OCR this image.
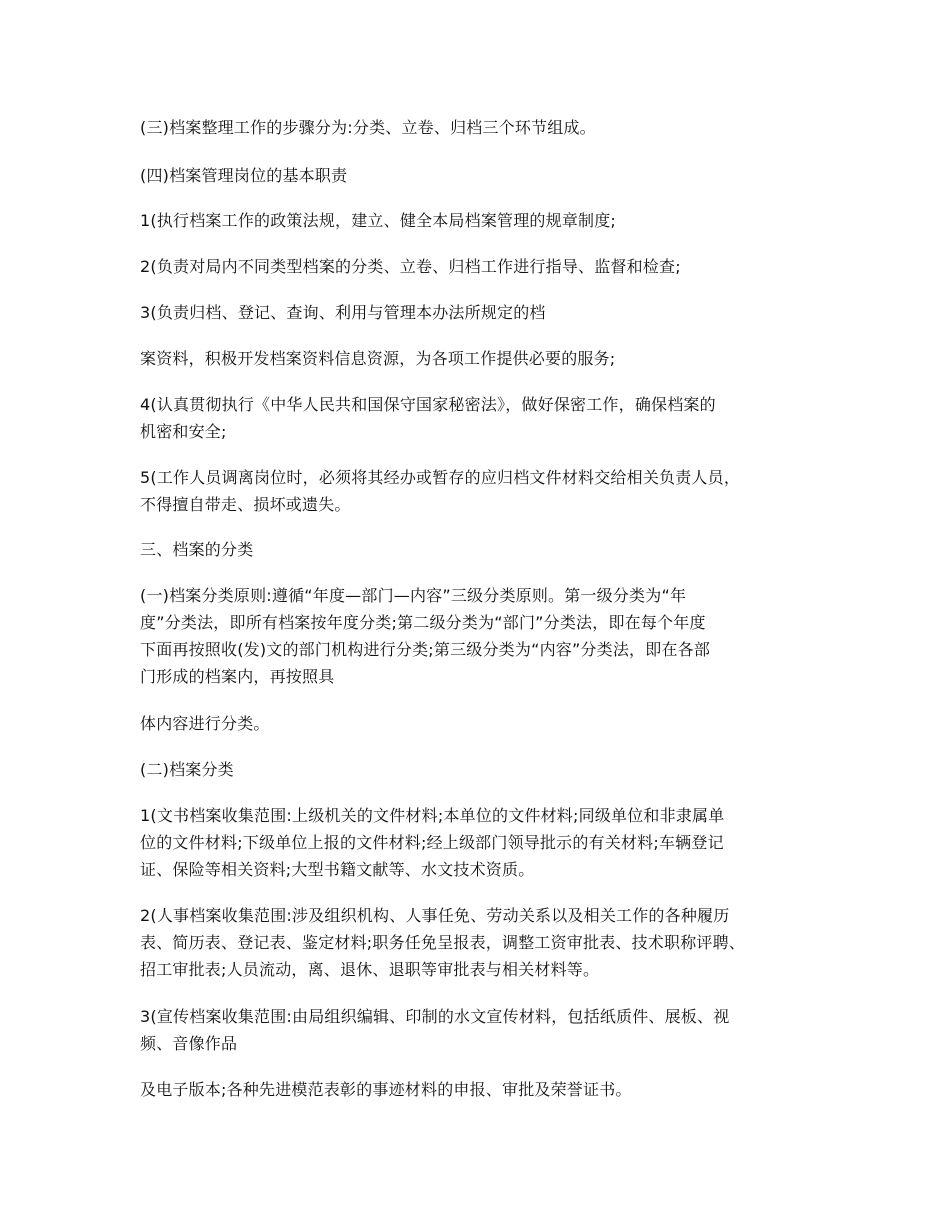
(三)档案整理工作的步骤分为:分类、立卷、归档三个环节组成。
(四)档案管理岗位的基本职责
1(执行档案工作的政策法规，建立、健全本局档案管理的规章制度;
2(负责对局内不同类型档案的分类、立卷、归档工作进行指导、监督和检查;
3(负责归档、登记、查询、利用与管理本办法所规定的档
案资料，积极开发档案资料信息资源，为各项工作提供必要的服务;
4(认真贯彻执行《中华人民共和国保守国家秘密法》，做好保密工作，确保档案的
机密和安全;
5(工作人员调离岗位时，必须将其经办或暂存的应归档文件材料交给相关负责人员，
不得擅自带走、损坏或遗失。
三、档案的分类
(一)档案分类原则:遵循“年度—部门—内容”三级分类原则。第一级分类为“年
度”分类法，即所有档案按年度分类;第二级分类为“部门”分类法，即在每个年度
下面再按照收(发)文的部门机构进行分类;第三级分类为“内容”分类法，即在各部
门形成的档案内，再按照具
体内容进行分类。
(二)档案分类
1(文书档案收集范围:上级机关的文件材料;本单位的文件材料;同级单位和非隶属单
位的文件材料;下级单位上报的文件材料;经上级部门领导批示的有关材料;车辆登记
证、保险等相关资料;大型书籍文献等、水文技术资质。
2(人事档案收集范围:涉及组织机构、人事任免、劳动关系以及相关工作的各种履历
表、简历表、登记表、鉴定材料;职务任免呈报表，调整工资审批表、技术职称评聘、
招工审批表;人员流动，离、退休、退职等审批表与相关材料等。
3(宣传档案收集范围:由局组织编辑、印制的水文宣传材料，包括纸质件、展板、视
频、音像作品
及电子版本;各种先进模范表彰的事迹材料的申报、审批及荣誉证书。
